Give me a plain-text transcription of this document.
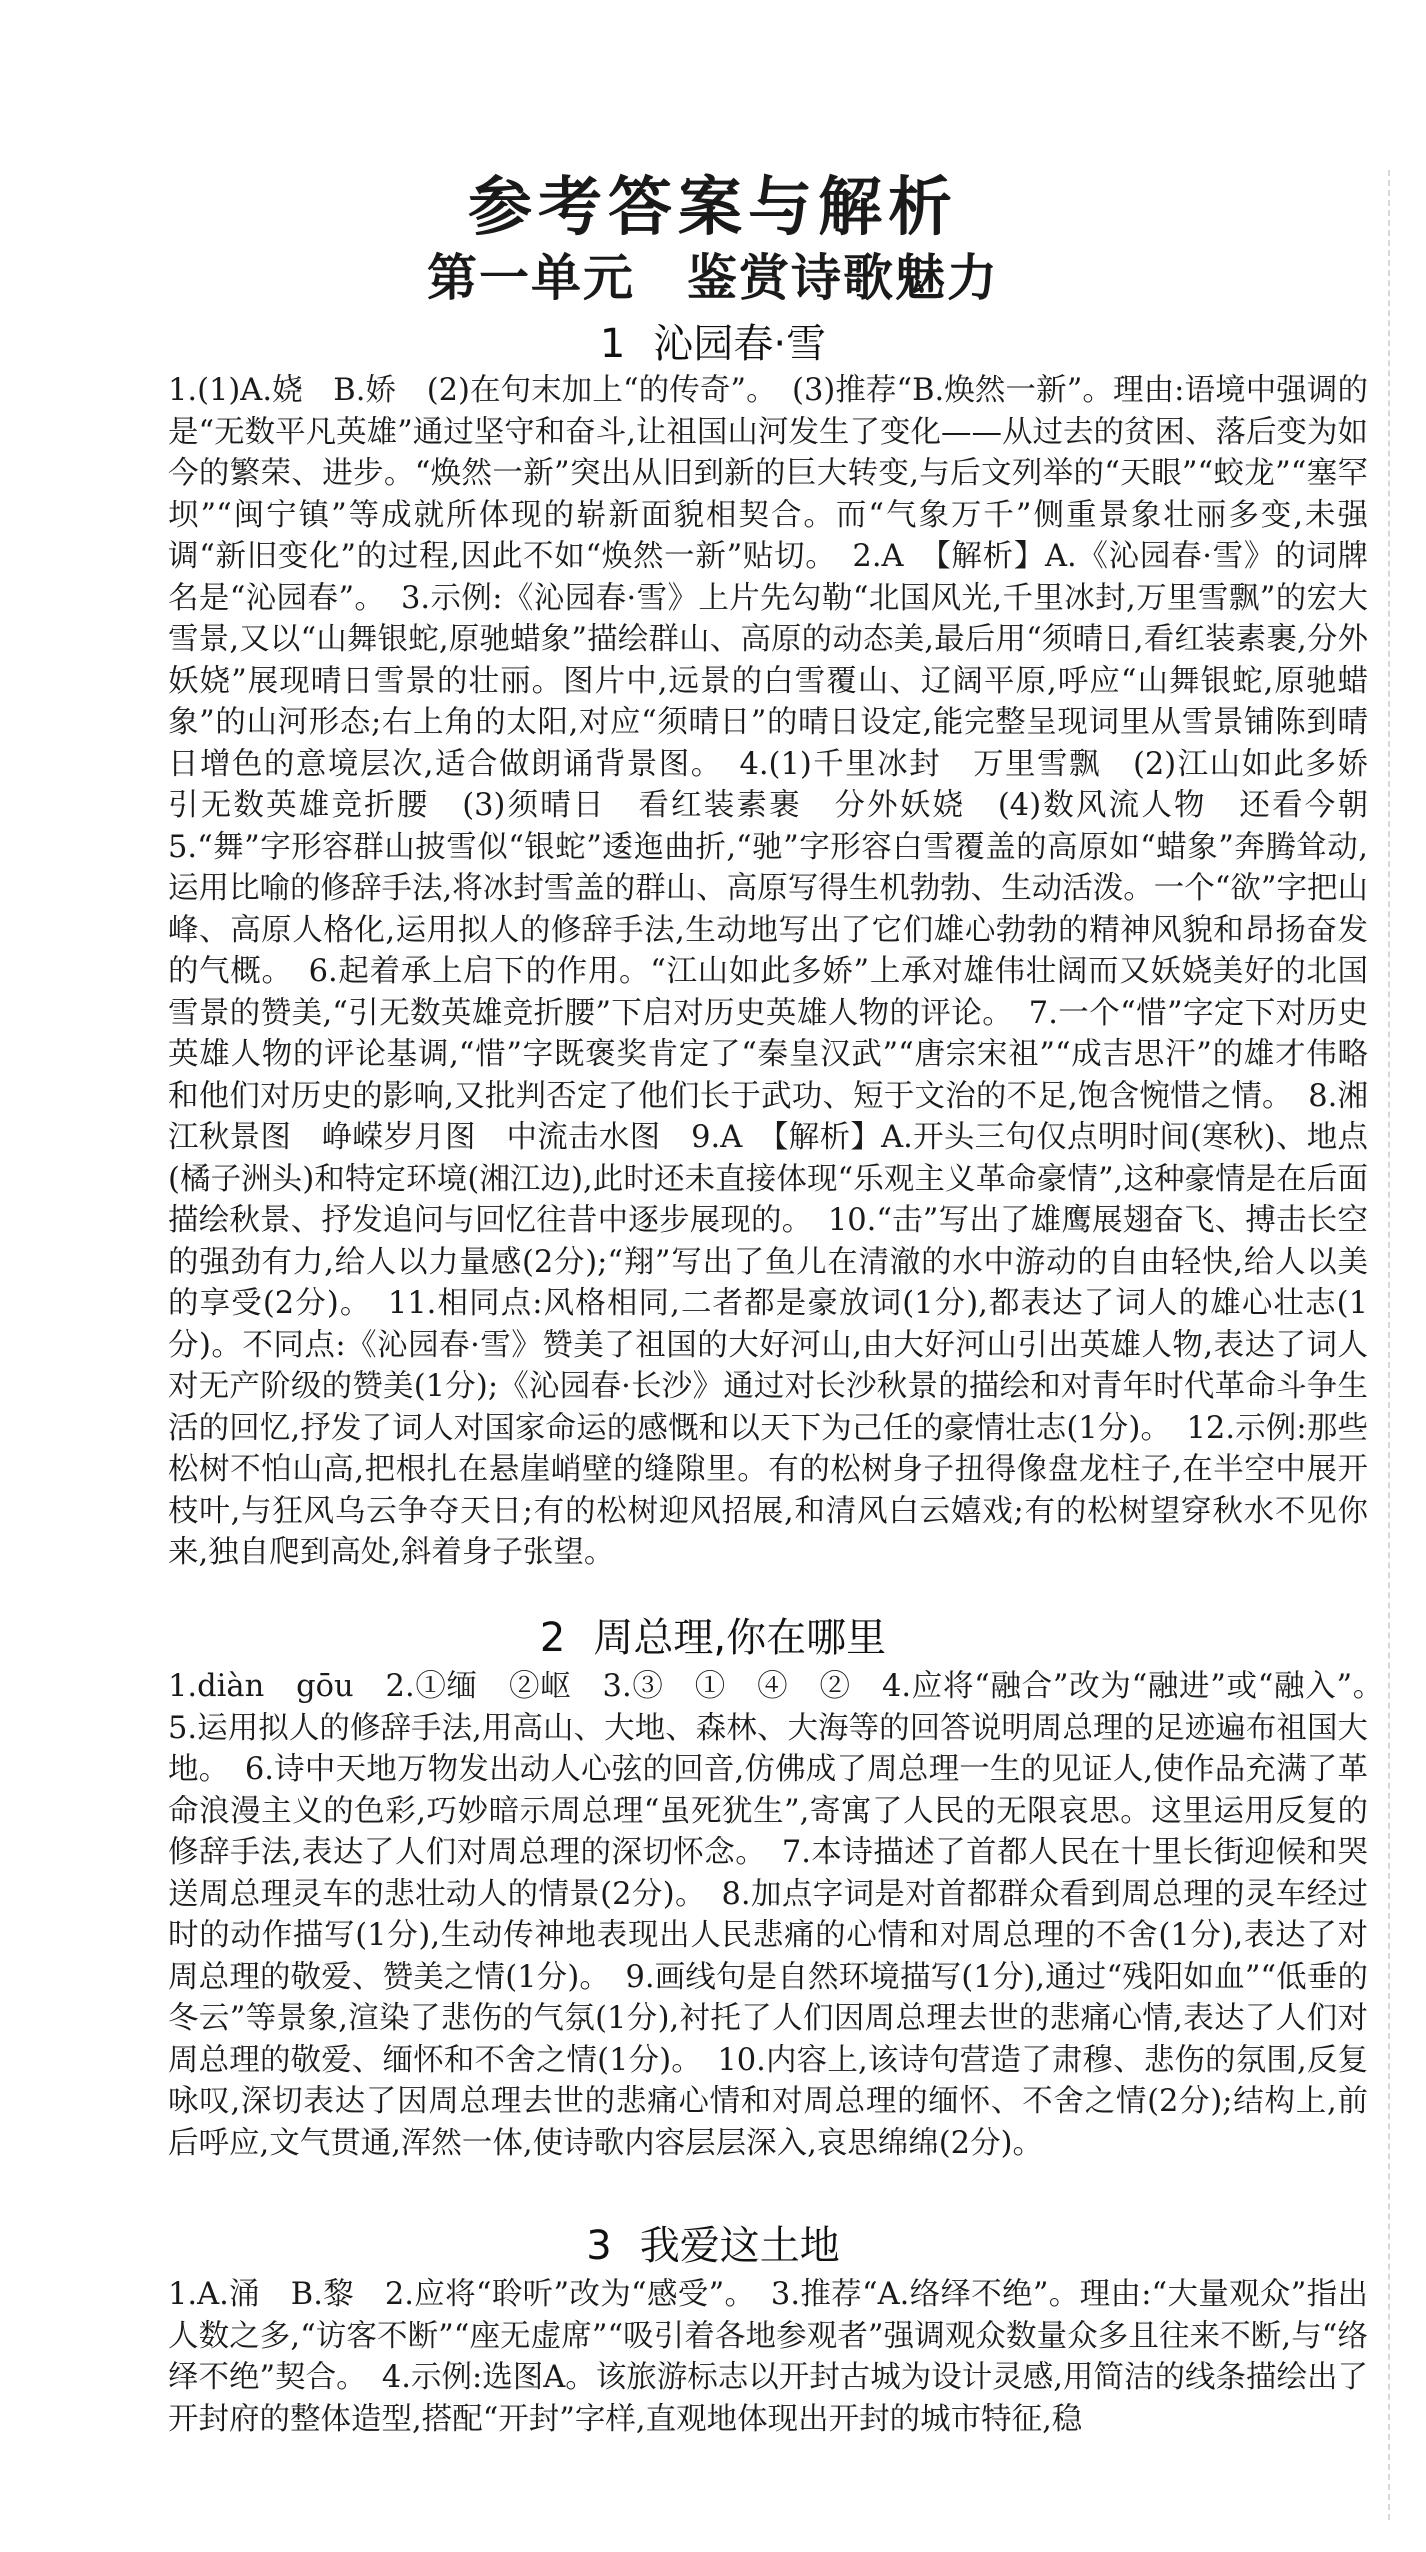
参考答案与解析
第一单元　鉴赏诗歌魅力
1 沁园春·雪

1.(1)A.娆　B.娇　(2)在句末加上“的传奇”。　(3)推荐“B.焕然一新”。理由:语境中强调的是“无数平凡英雄”通过坚守和奋斗,让祖国山河发生了变化——从过去的贫困、落后变为如今的繁荣、进步。“焕然一新”突出从旧到新的巨大转变,与后文列举的“天眼”“蛟龙”“塞罕坝”“闽宁镇”等成就所体现的崭新面貌相契合。而“气象万千”侧重景象壮丽多变,未强调“新旧变化”的过程,因此不如“焕然一新”贴切。　2.A　【解析】A.《沁园春·雪》的词牌名是“沁园春”。　3.示例:《沁园春·雪》上片先勾勒“北国风光,千里冰封,万里雪飘”的宏大雪景,又以“山舞银蛇,原驰蜡象”描绘群山、高原的动态美,最后用“须晴日,看红装素裹,分外妖娆”展现晴日雪景的壮丽。图片中,远景的白雪覆山、辽阔平原,呼应“山舞银蛇,原驰蜡象”的山河形态;右上角的太阳,对应“须晴日”的晴日设定,能完整呈现词里从雪景铺陈到晴日增色的意境层次,适合做朗诵背景图。　4.(1)千里冰封　万里雪飘　(2)江山如此多娇　引无数英雄竞折腰　(3)须晴日　看红装素裹　分外妖娆　(4)数风流人物　还看今朝　5.“舞”字形容群山披雪似“银蛇”逶迤曲折,“驰”字形容白雪覆盖的高原如“蜡象”奔腾耸动,运用比喻的修辞手法,将冰封雪盖的群山、高原写得生机勃勃、生动活泼。一个“欲”字把山峰、高原人格化,运用拟人的修辞手法,生动地写出了它们雄心勃勃的精神风貌和昂扬奋发的气概。　6.起着承上启下的作用。“江山如此多娇”上承对雄伟壮阔而又妖娆美好的北国雪景的赞美,“引无数英雄竞折腰”下启对历史英雄人物的评论。　7.一个“惜”字定下对历史英雄人物的评论基调,“惜”字既褒奖肯定了“秦皇汉武”“唐宗宋祖”“成吉思汗”的雄才伟略和他们对历史的影响,又批判否定了他们长于武功、短于文治的不足,饱含惋惜之情。　8.湘江秋景图　峥嵘岁月图　中流击水图　9.A　【解析】A.开头三句仅点明时间(寒秋)、地点(橘子洲头)和特定环境(湘江边),此时还未直接体现“乐观主义革命豪情”,这种豪情是在后面描绘秋景、抒发追问与回忆往昔中逐步展现的。　10.“击”写出了雄鹰展翅奋飞、搏击长空的强劲有力,给人以力量感(2分);“翔”写出了鱼儿在清澈的水中游动的自由轻快,给人以美的享受(2分)。　11.相同点:风格相同,二者都是豪放词(1分),都表达了词人的雄心壮志(1分)。不同点:《沁园春·雪》赞美了祖国的大好河山,由大好河山引出英雄人物,表达了词人对无产阶级的赞美(1分);《沁园春·长沙》通过对长沙秋景的描绘和对青年时代革命斗争生活的回忆,抒发了词人对国家命运的感慨和以天下为己任的豪情壮志(1分)。　12.示例:那些松树不怕山高,把根扎在悬崖峭壁的缝隙里。有的松树身子扭得像盘龙柱子,在半空中展开枝叶,与狂风乌云争夺天日;有的松树迎风招展,和清风白云嬉戏;有的松树望穿秋水不见你来,独自爬到高处,斜着身子张望。

2 周总理,你在哪里

1.diàn　gōu　2.①缅　②岖　3.③　①　④　②　4.应将“融合”改为“融进”或“融入”。　5.运用拟人的修辞手法,用高山、大地、森林、大海等的回答说明周总理的足迹遍布祖国大地。　6.诗中天地万物发出动人心弦的回音,仿佛成了周总理一生的见证人,使作品充满了革命浪漫主义的色彩,巧妙暗示周总理“虽死犹生”,寄寓了人民的无限哀思。这里运用反复的修辞手法,表达了人们对周总理的深切怀念。　7.本诗描述了首都人民在十里长街迎候和哭送周总理灵车的悲壮动人的情景(2分)。　8.加点字词是对首都群众看到周总理的灵车经过时的动作描写(1分),生动传神地表现出人民悲痛的心情和对周总理的不舍(1分),表达了对周总理的敬爱、赞美之情(1分)。　9.画线句是自然环境描写(1分),通过“残阳如血”“低垂的冬云”等景象,渲染了悲伤的气氛(1分),衬托了人们因周总理去世的悲痛心情,表达了人们对周总理的敬爱、缅怀和不舍之情(1分)。　10.内容上,该诗句营造了肃穆、悲伤的氛围,反复咏叹,深切表达了因周总理去世的悲痛心情和对周总理的缅怀、不舍之情(2分);结构上,前后呼应,文气贯通,浑然一体,使诗歌内容层层深入,哀思绵绵(2分)。

3 我爱这土地

1.A.涌　B.黎　2.应将“聆听”改为“感受”。　3.推荐“A.络绎不绝”。理由:“大量观众”指出人数之多,“访客不断”“座无虚席”“吸引着各地参观者”强调观众数量众多且往来不断,与“络绎不绝”契合。　4.示例:选图A。该旅游标志以开封古城为设计灵感,用简洁的线条描绘出了开封府的整体造型,搭配“开封”字样,直观地体现出开封的城市特征,稳
